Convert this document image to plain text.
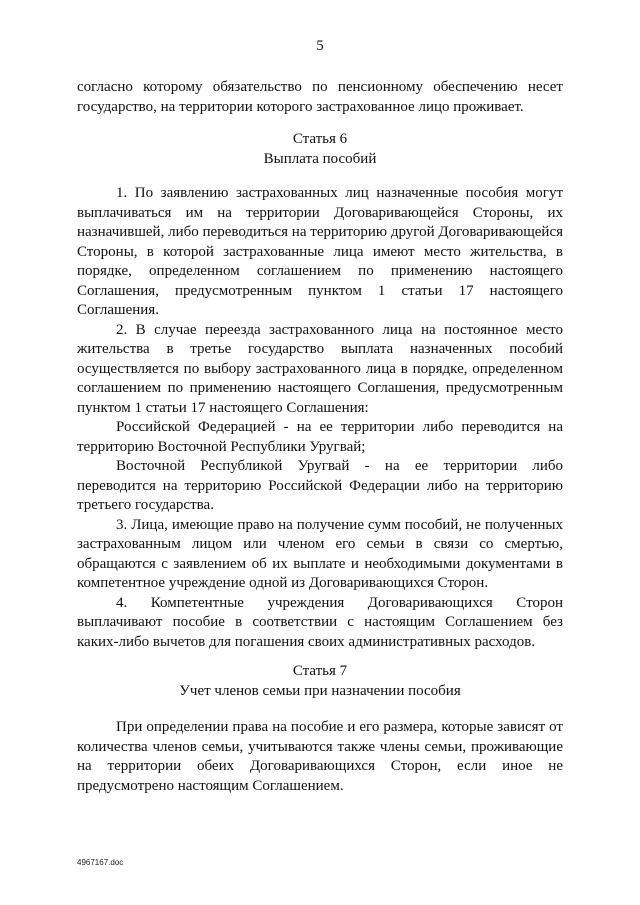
5

согласно которому обязательство по пенсионному обеспечению несет государство, на территории которого застрахованное лицо проживает.

Статья 6
Выплата пособий

1. По заявлению застрахованных лиц назначенные пособия могут выплачиваться им на территории Договаривающейся Стороны, их назначившей, либо переводиться на территорию другой Договаривающейся Стороны, в которой застрахованные лица имеют место жительства, в порядке, определенном соглашением по применению настоящего Соглашения, предусмотренным пунктом 1 статьи 17 настоящего Соглашения.

2. В случае переезда застрахованного лица на постоянное место жительства в третье государство выплата назначенных пособий осуществляется по выбору застрахованного лица в порядке, определенном соглашением по применению настоящего Соглашения, предусмотренным пунктом 1 статьи 17 настоящего Соглашения:

Российской Федерацией - на ее территории либо переводится на территорию Восточной Республики Уругвай;

Восточной Республикой Уругвай - на ее территории либо переводится на территорию Российской Федерации либо на территорию третьего государства.

3. Лица, имеющие право на получение сумм пособий, не полученных застрахованным лицом или членом его семьи в связи со смертью, обращаются с заявлением об их выплате и необходимыми документами в компетентное учреждение одной из Договаривающихся Сторон.

4. Компетентные учреждения Договаривающихся Сторон выплачивают пособие в соответствии с настоящим Соглашением без каких-либо вычетов для погашения своих административных расходов.

Статья 7
Учет членов семьи при назначении пособия

При определении права на пособие и его размера, которые зависят от количества членов семьи, учитываются также члены семьи, проживающие на территории обеих Договаривающихся Сторон, если иное не предусмотрено настоящим Соглашением.

4967167.doc
